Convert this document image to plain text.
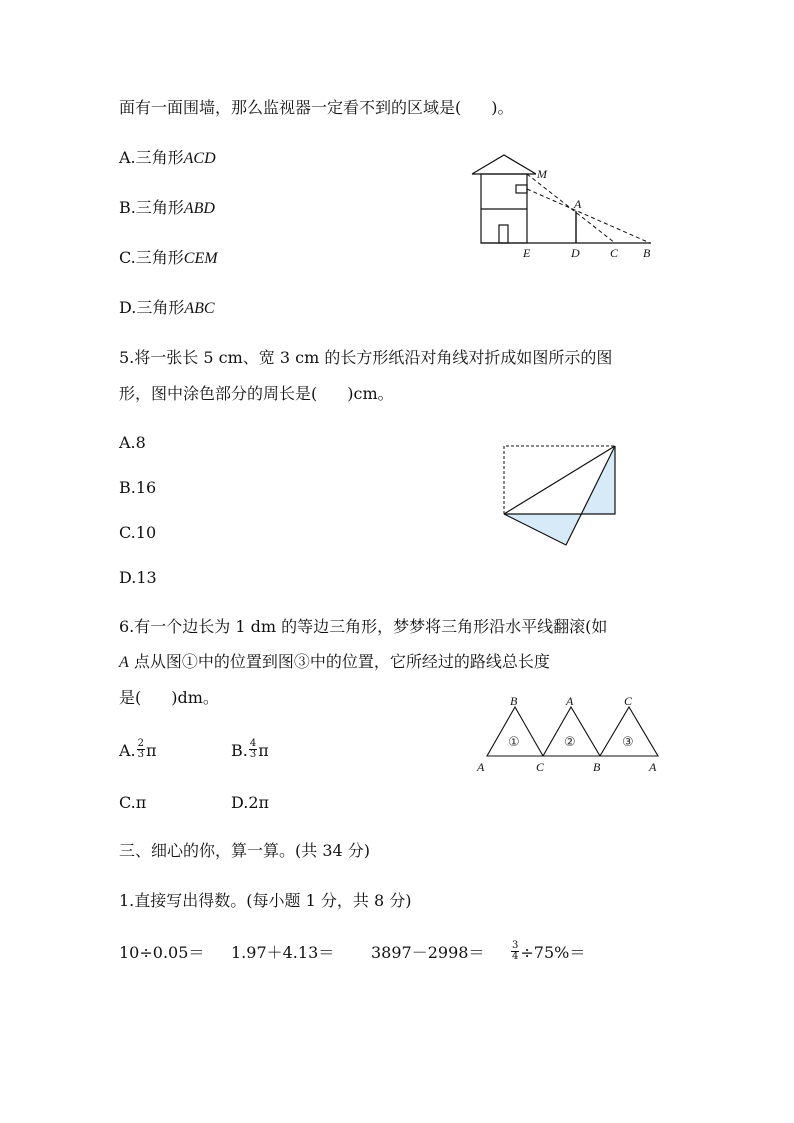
面有一面围墙，那么监视器一定看不到的区域是( )。
A.三角形ACD
B.三角形ABD
C.三角形CEM
D.三角形ABC
M
A
E	D	C B
5.将一张长 5 cm、宽 3 cm 的长方形纸沿对角线对折成如图所示的图
形，图中涂色部分的周长是( )cm。
A.8
B.16
C.10
D.13
6.有一个边长为 1 dm 的等边三角形，梦梦将三角形沿水平线翻滚(如
A 点从图①中的位置到图③中的位置，它所经过的路线总长度
是( )dm。
A. $\frac{2}{3}$ π	B. $\frac{4}{3}$ π
C.π	D.2π
B	A	C
A	C	B	A
①	②	③
三、细心的你，算一算。(共 34 分)
1.直接写出得数。(每小题 1 分，共 8 分)
10÷0.05＝ 1.97＋4.13＝ 3897－2998＝	$\frac{3}{4} \div 75\%=$
